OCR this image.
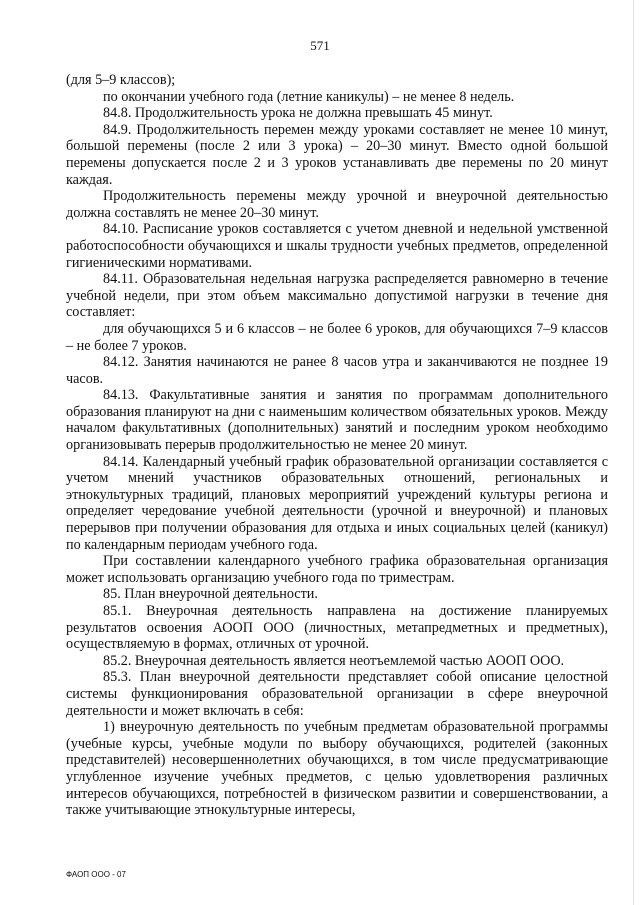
571

(для 5–9 классов);

по окончании учебного года (летние каникулы) – не менее 8 недель.

84.8. Продолжительность урока не должна превышать 45 минут.

84.9. Продолжительность перемен между уроками составляет не менее 10 минут, большой перемены (после 2 или 3 урока) – 20–30 минут. Вместо одной большой перемены допускается после 2 и 3 уроков устанавливать две перемены по 20 минут каждая.

Продолжительность перемены между урочной и внеурочной деятельностью должна составлять не менее 20–30 минут.

84.10. Расписание уроков составляется с учетом дневной и недельной умственной работоспособности обучающихся и шкалы трудности учебных предметов, определенной гигиеническими нормативами.

84.11. Образовательная недельная нагрузка распределяется равномерно в течение учебной недели, при этом объем максимально допустимой нагрузки в течение дня составляет:

для обучающихся 5 и 6 классов – не более 6 уроков, для обучающихся 7–9 классов – не более 7 уроков.

84.12. Занятия начинаются не ранее 8 часов утра и заканчиваются не позднее 19 часов.

84.13. Факультативные занятия и занятия по программам дополнительного образования планируют на дни с наименьшим количеством обязательных уроков. Между началом факультативных (дополнительных) занятий и последним уроком необходимо организовывать перерыв продолжительностью не менее 20 минут.

84.14. Календарный учебный график образовательной организации составляется с учетом мнений участников образовательных отношений, региональных и этнокультурных традиций, плановых мероприятий учреждений культуры региона и определяет чередование учебной деятельности (урочной и внеурочной) и плановых перерывов при получении образования для отдыха и иных социальных целей (каникул) по календарным периодам учебного года.

При составлении календарного учебного графика образовательная организация может использовать организацию учебного года по триместрам.

85. План внеурочной деятельности.

85.1. Внеурочная деятельность направлена на достижение планируемых результатов освоения АООП ООО (личностных, метапредметных и предметных), осуществляемую в формах, отличных от урочной.

85.2. Внеурочная деятельность является неотъемлемой частью АООП ООО.

85.3. План внеурочной деятельности представляет собой описание целостной системы функционирования образовательной организации в сфере внеурочной деятельности и может включать в себя:

1) внеурочную деятельность по учебным предметам образовательной программы (учебные курсы, учебные модули по выбору обучающихся, родителей (законных представителей) несовершеннолетних обучающихся, в том числе предусматривающие углубленное изучение учебных предметов, с целью удовлетворения различных интересов обучающихся, потребностей в физическом развитии и совершенствовании, а также учитывающие этнокультурные интересы,

ФАОП ООО - 07
